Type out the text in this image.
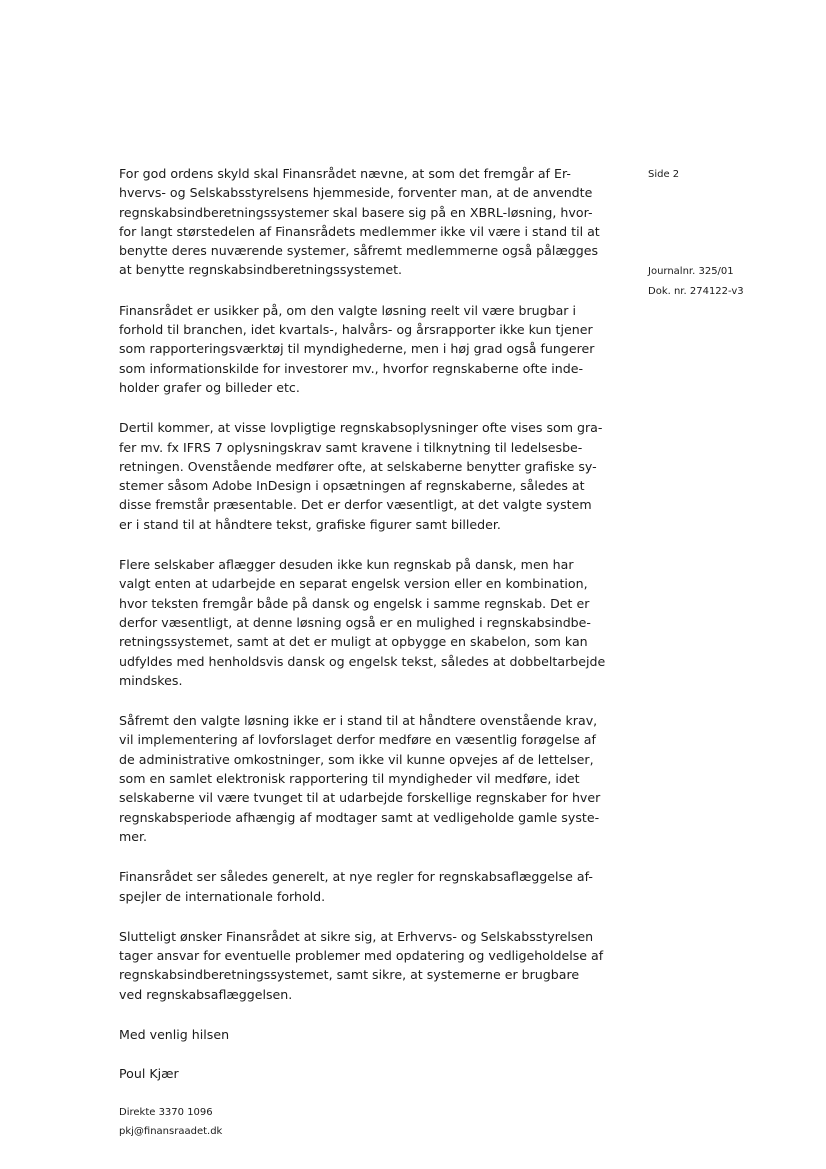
Side 2
Journalnr. 325/01
Dok. nr. 274122-v3

For god ordens skyld skal Finansrådet nævne, at som det fremgår af Er-
hvervs- og Selskabsstyrelsens hjemmeside, forventer man, at de anvendte
regnskabsindberetningssystemer skal basere sig på en XBRL-løsning, hvor-
for langt størstedelen af Finansrådets medlemmer ikke vil være i stand til at
benytte deres nuværende systemer, såfremt medlemmerne også pålægges
at benytte regnskabsindberetningssystemet.

Finansrådet er usikker på, om den valgte løsning reelt vil være brugbar i
forhold til branchen, idet kvartals-, halvårs- og årsrapporter ikke kun tjener
som rapporteringsværktøj til myndighederne, men i høj grad også fungerer
som informationskilde for investorer mv., hvorfor regnskaberne ofte inde-
holder grafer og billeder etc.

Dertil kommer, at visse lovpligtige regnskabsoplysninger ofte vises som gra-
fer mv. fx IFRS 7 oplysningskrav samt kravene i tilknytning til ledelsesbe-
retningen. Ovenstående medfører ofte, at selskaberne benytter grafiske sy-
stemer såsom Adobe InDesign i opsætningen af regnskaberne, således at
disse fremstår præsentable. Det er derfor væsentligt, at det valgte system
er i stand til at håndtere tekst, grafiske figurer samt billeder.

Flere selskaber aflægger desuden ikke kun regnskab på dansk, men har
valgt enten at udarbejde en separat engelsk version eller en kombination,
hvor teksten fremgår både på dansk og engelsk i samme regnskab. Det er
derfor væsentligt, at denne løsning også er en mulighed i regnskabsindbe-
retningssystemet, samt at det er muligt at opbygge en skabelon, som kan
udfyldes med henholdsvis dansk og engelsk tekst, således at dobbeltarbejde
mindskes.

Såfremt den valgte løsning ikke er i stand til at håndtere ovenstående krav,
vil implementering af lovforslaget derfor medføre en væsentlig forøgelse af
de administrative omkostninger, som ikke vil kunne opvejes af de lettelser,
som en samlet elektronisk rapportering til myndigheder vil medføre, idet
selskaberne vil være tvunget til at udarbejde forskellige regnskaber for hver
regnskabsperiode afhængig af modtager samt at vedligeholde gamle syste-
mer.

Finansrådet ser således generelt, at nye regler for regnskabsaflæggelse af-
spejler de internationale forhold.

Slutteligt ønsker Finansrådet at sikre sig, at Erhvervs- og Selskabsstyrelsen
tager ansvar for eventuelle problemer med opdatering og vedligeholdelse af
regnskabsindberetningssystemet, samt sikre, at systemerne er brugbare
ved regnskabsaflæggelsen.

Med venlig hilsen

Poul Kjær

Direkte 3370 1096
pkj@finansraadet.dk
